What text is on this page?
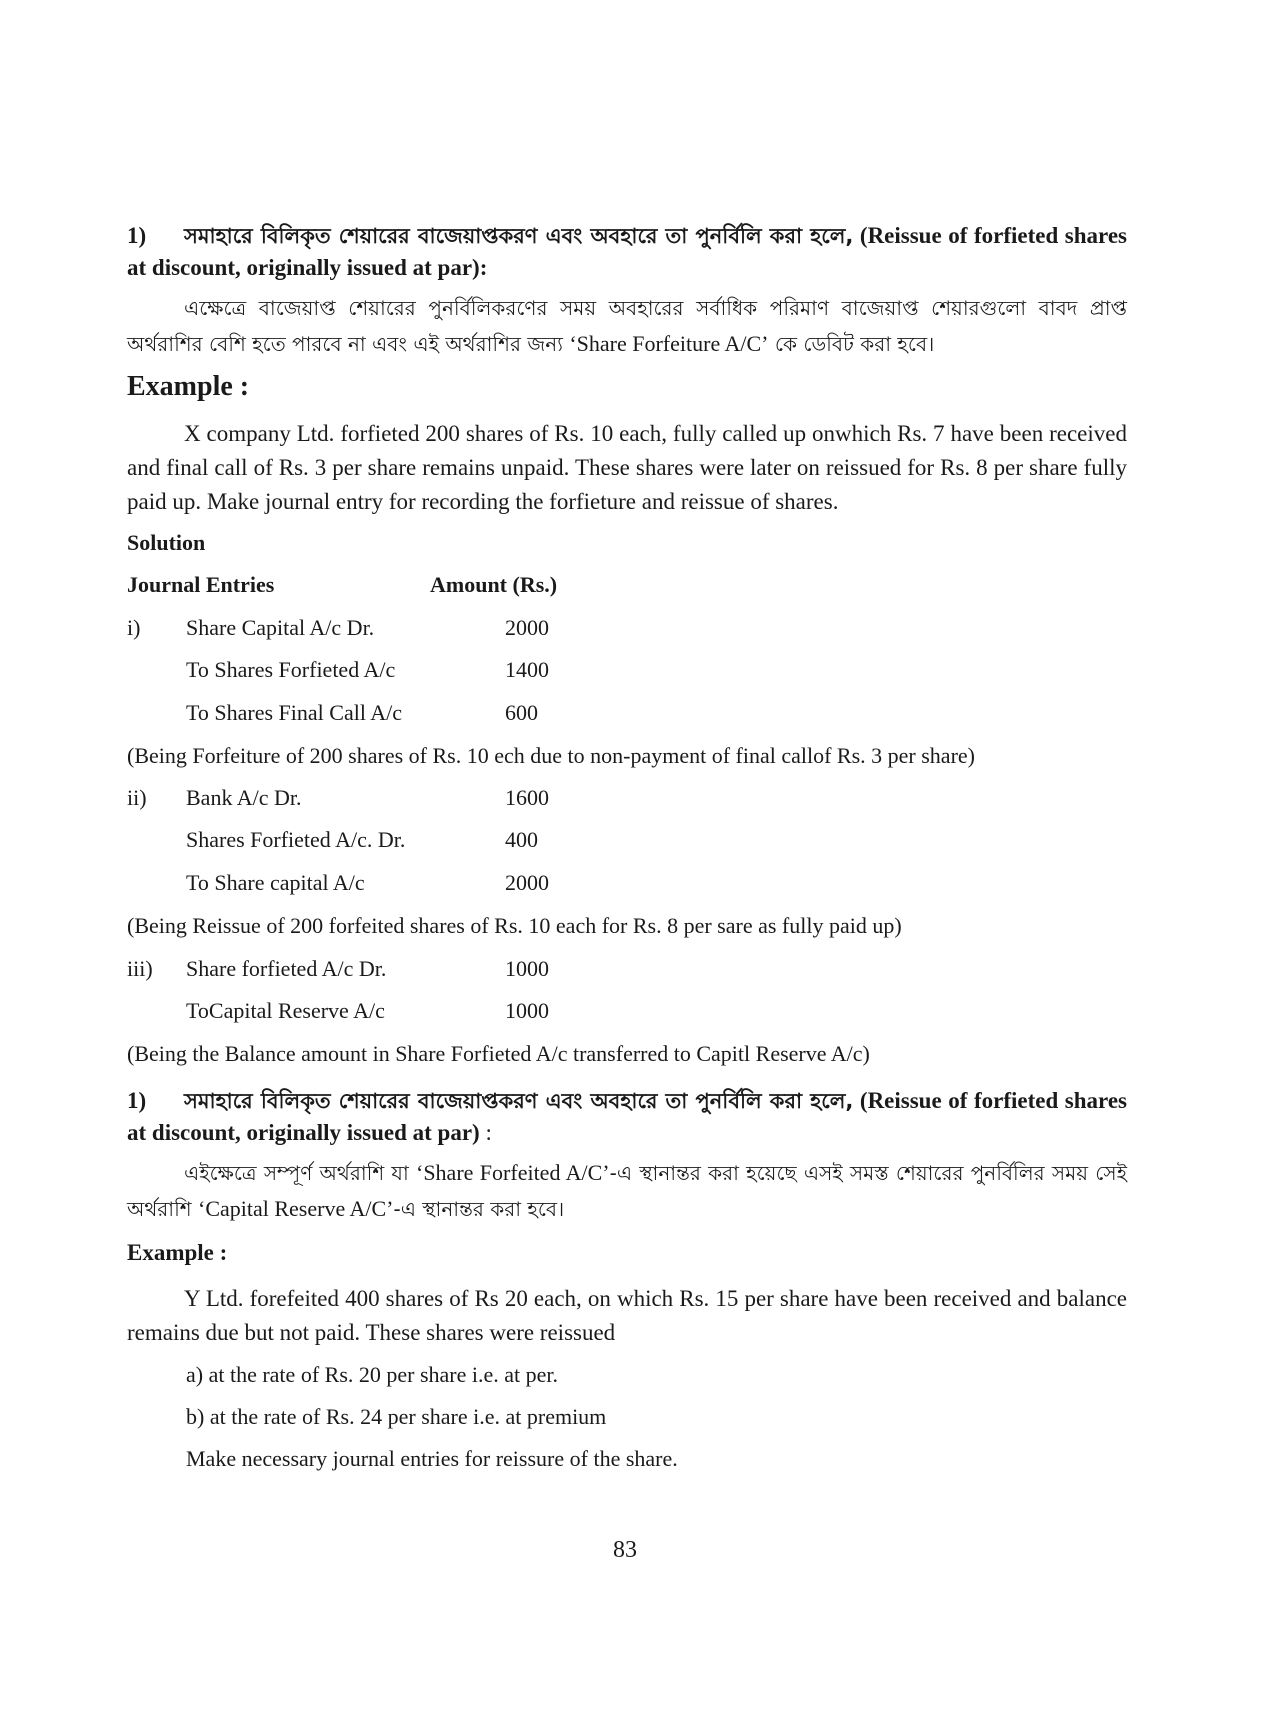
1) সমাহারে বিলিকৃত শেয়ারের বাজেয়াপ্তকরণ এবং অবহারে তা পুনর্বিলি করা হলে, (Reissue of forfieted shares at discount, originally issued at par):
এক্ষেত্রে বাজেয়াপ্ত শেয়ারের পুনর্বিলিকরণের সময় অবহারের সর্বাধিক পরিমাণ বাজেয়াপ্ত শেয়ারগুলো বাবদ প্রাপ্ত অর্থরাশির বেশি হতে পারবে না এবং এই অর্থরাশির জন্য ‘Share Forfeiture A/C’ কে ডেবিট করা হবে।
Example :
X company Ltd. forfieted 200 shares of Rs. 10 each, fully called up onwhich Rs. 7 have been received and final call of Rs. 3 per share remains unpaid. These shares were later on reissued for Rs. 8 per share fully paid up. Make journal entry for recording the forfieture and reissue of shares.
Solution
Journal Entries	Amount (Rs.)
i) Share Capital A/c Dr.	2000
To Shares Forfieted A/c	1400
To Shares Final Call A/c	600
(Being Forfeiture of 200 shares of Rs. 10 ech due to non-payment of final callof Rs. 3 per share)
ii) Bank A/c Dr.	1600
Shares Forfieted A/c. Dr.	400
To Share capital A/c	2000
(Being Reissue of 200 forfeited shares of Rs. 10 each for Rs. 8 per sare as fully paid up)
iii) Share forfieted A/c Dr.	1000
ToCapital Reserve A/c	1000
(Being the Balance amount in Share Forfieted A/c transferred to Capitl Reserve A/c)
1) সমাহারে বিলিকৃত শেয়ারের বাজেয়াপ্তকরণ এবং অবহারে তা পুনর্বিলি করা হলে, (Reissue of forfieted shares at discount, originally issued at par) :
এইক্ষেত্রে সম্পূর্ণ অর্থরাশি যা ‘Share Forfeited A/C’-এ স্থানান্তর করা হয়েছে এসই সমস্ত শেয়ারের পুনর্বিলির সময় সেই অর্থরাশি ‘Capital Reserve A/C’-এ স্থানান্তর করা হবে।
Example :
Y Ltd. forefeited 400 shares of Rs 20 each, on which Rs. 15 per share have been received and balance remains due but not paid. These shares were reissued
a) at the rate of Rs. 20 per share i.e. at per.
b) at the rate of Rs. 24 per share i.e. at premium
Make necessary journal entries for reissure of the share.
83
